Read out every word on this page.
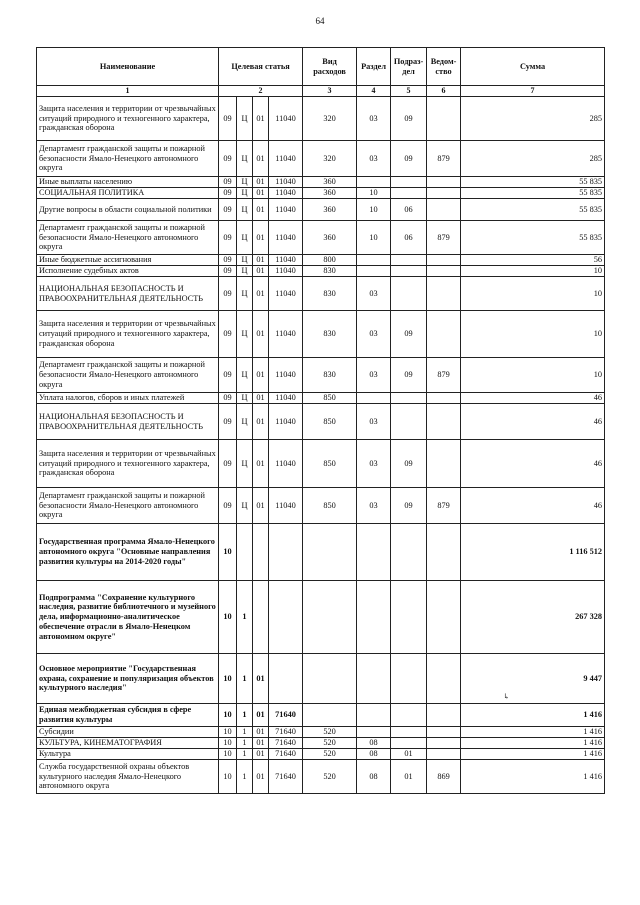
64
Наименование	Целевая статья				Вид расходов	Раздел	Подраз-дел	Ведом-ство	Сумма
1	2				3	4	5	6	7
Защита населения и территории от чрезвычайных ситуаций природного и техногенного характера, гражданская оборона	09	Ц	01	11040	320	03	09		285
Департамент гражданской защиты и пожарной безопасности Ямало-Ненецкого автономного округа	09	Ц	01	11040	320	03	09	879	285
Иные выплаты населению	09	Ц	01	11040	360				55 835
СОЦИАЛЬНАЯ ПОЛИТИКА	09	Ц	01	11040	360	10			55 835
Другие вопросы в области социальной политики	09	Ц	01	11040	360	10	06		55 835
Департамент гражданской защиты и пожарной безопасности Ямало-Ненецкого автономного округа	09	Ц	01	11040	360	10	06	879	55 835
Иные бюджетные ассигнования	09	Ц	01	11040	800				56
Исполнение судебных актов	09	Ц	01	11040	830				10
НАЦИОНАЛЬНАЯ БЕЗОПАСНОСТЬ И ПРАВООХРАНИТЕЛЬНАЯ ДЕЯТЕЛЬНОСТЬ	09	Ц	01	11040	830	03			10
Защита населения и территории от чрезвычайных ситуаций природного и техногенного характера, гражданская оборона	09	Ц	01	11040	830	03	09		10
Департамент гражданской защиты и пожарной безопасности Ямало-Ненецкого автономного округа	09	Ц	01	11040	830	03	09	879	10
Уплата налогов, сборов и иных платежей	09	Ц	01	11040	850				46
НАЦИОНАЛЬНАЯ БЕЗОПАСНОСТЬ И ПРАВООХРАНИТЕЛЬНАЯ ДЕЯТЕЛЬНОСТЬ	09	Ц	01	11040	850	03			46
Защита населения и территории от чрезвычайных ситуаций природного и техногенного характера, гражданская оборона	09	Ц	01	11040	850	03	09		46
Департамент гражданской защиты и пожарной безопасности Ямало-Ненецкого автономного округа	09	Ц	01	11040	850	03	09	879	46
Государственная программа Ямало-Ненецкого автономного округа "Основные направления развития культуры на 2014-2020 годы"	10								1 116 512
Подпрограмма "Сохранение культурного наследия, развитие библиотечного и музейного дела, информационно-аналитическое обеспечение отрасли в Ямало-Ненецком автономном округе"	10	1							267 328
Основное мероприятие "Государственная охрана, сохранение и популяризация объектов культурного наследия"	10	1	01						9 447
Единая межбюджетная субсидия в сфере развития культуры	10	1	01	71640					1 416
Субсидии	10	1	01	71640	520				1 416
КУЛЬТУРА, КИНЕМАТОГРАФИЯ	10	1	01	71640	520	08			1 416
Культура	10	1	01	71640	520	08	01		1 416
Служба государственной охраны объектов культурного наследия Ямало-Ненецкого автономного округа	10	1	01	71640	520	08	01	869	1 416
↳
